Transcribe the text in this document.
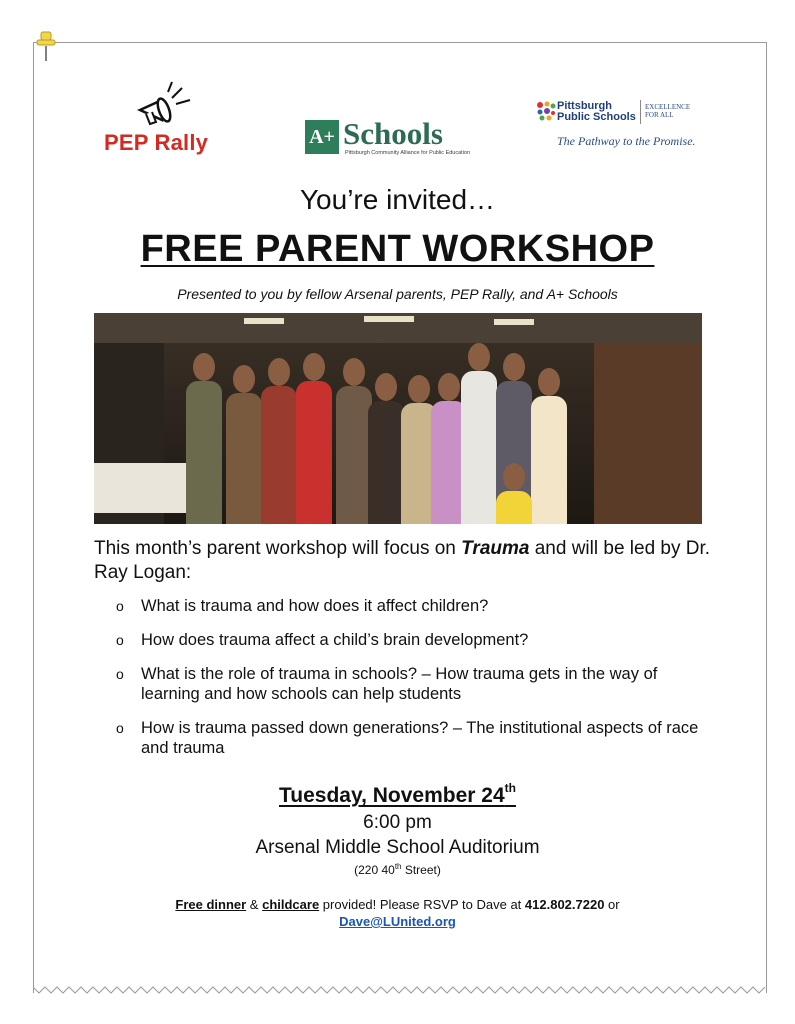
PEP Rally	A+ Schools
Pittsburgh Community Alliance for Public Education
Pittsburgh
Public Schools
EXCELLENCE
FOR ALL
The Pathway to the Promise.
You’re invited…
FREE PARENT WORKSHOP
Presented to you by fellow Arsenal parents, PEP Rally, and A+ Schools
This month’s parent workshop will focus on Trauma and will be led by Dr. Ray Logan:
o What is trauma and how does it affect children?
o How does trauma affect a child’s brain development?
o What is the role of trauma in schools? – How trauma gets in the way of learning and how schools can help students
o How is trauma passed down generations? – The institutional aspects of race and trauma
Tuesday, November 24th
6:00 pm
Arsenal Middle School Auditorium
(220 40th Street)
Free dinner & childcare provided! Please RSVP to Dave at 412.802.7220 or
Dave@LUnited.org
